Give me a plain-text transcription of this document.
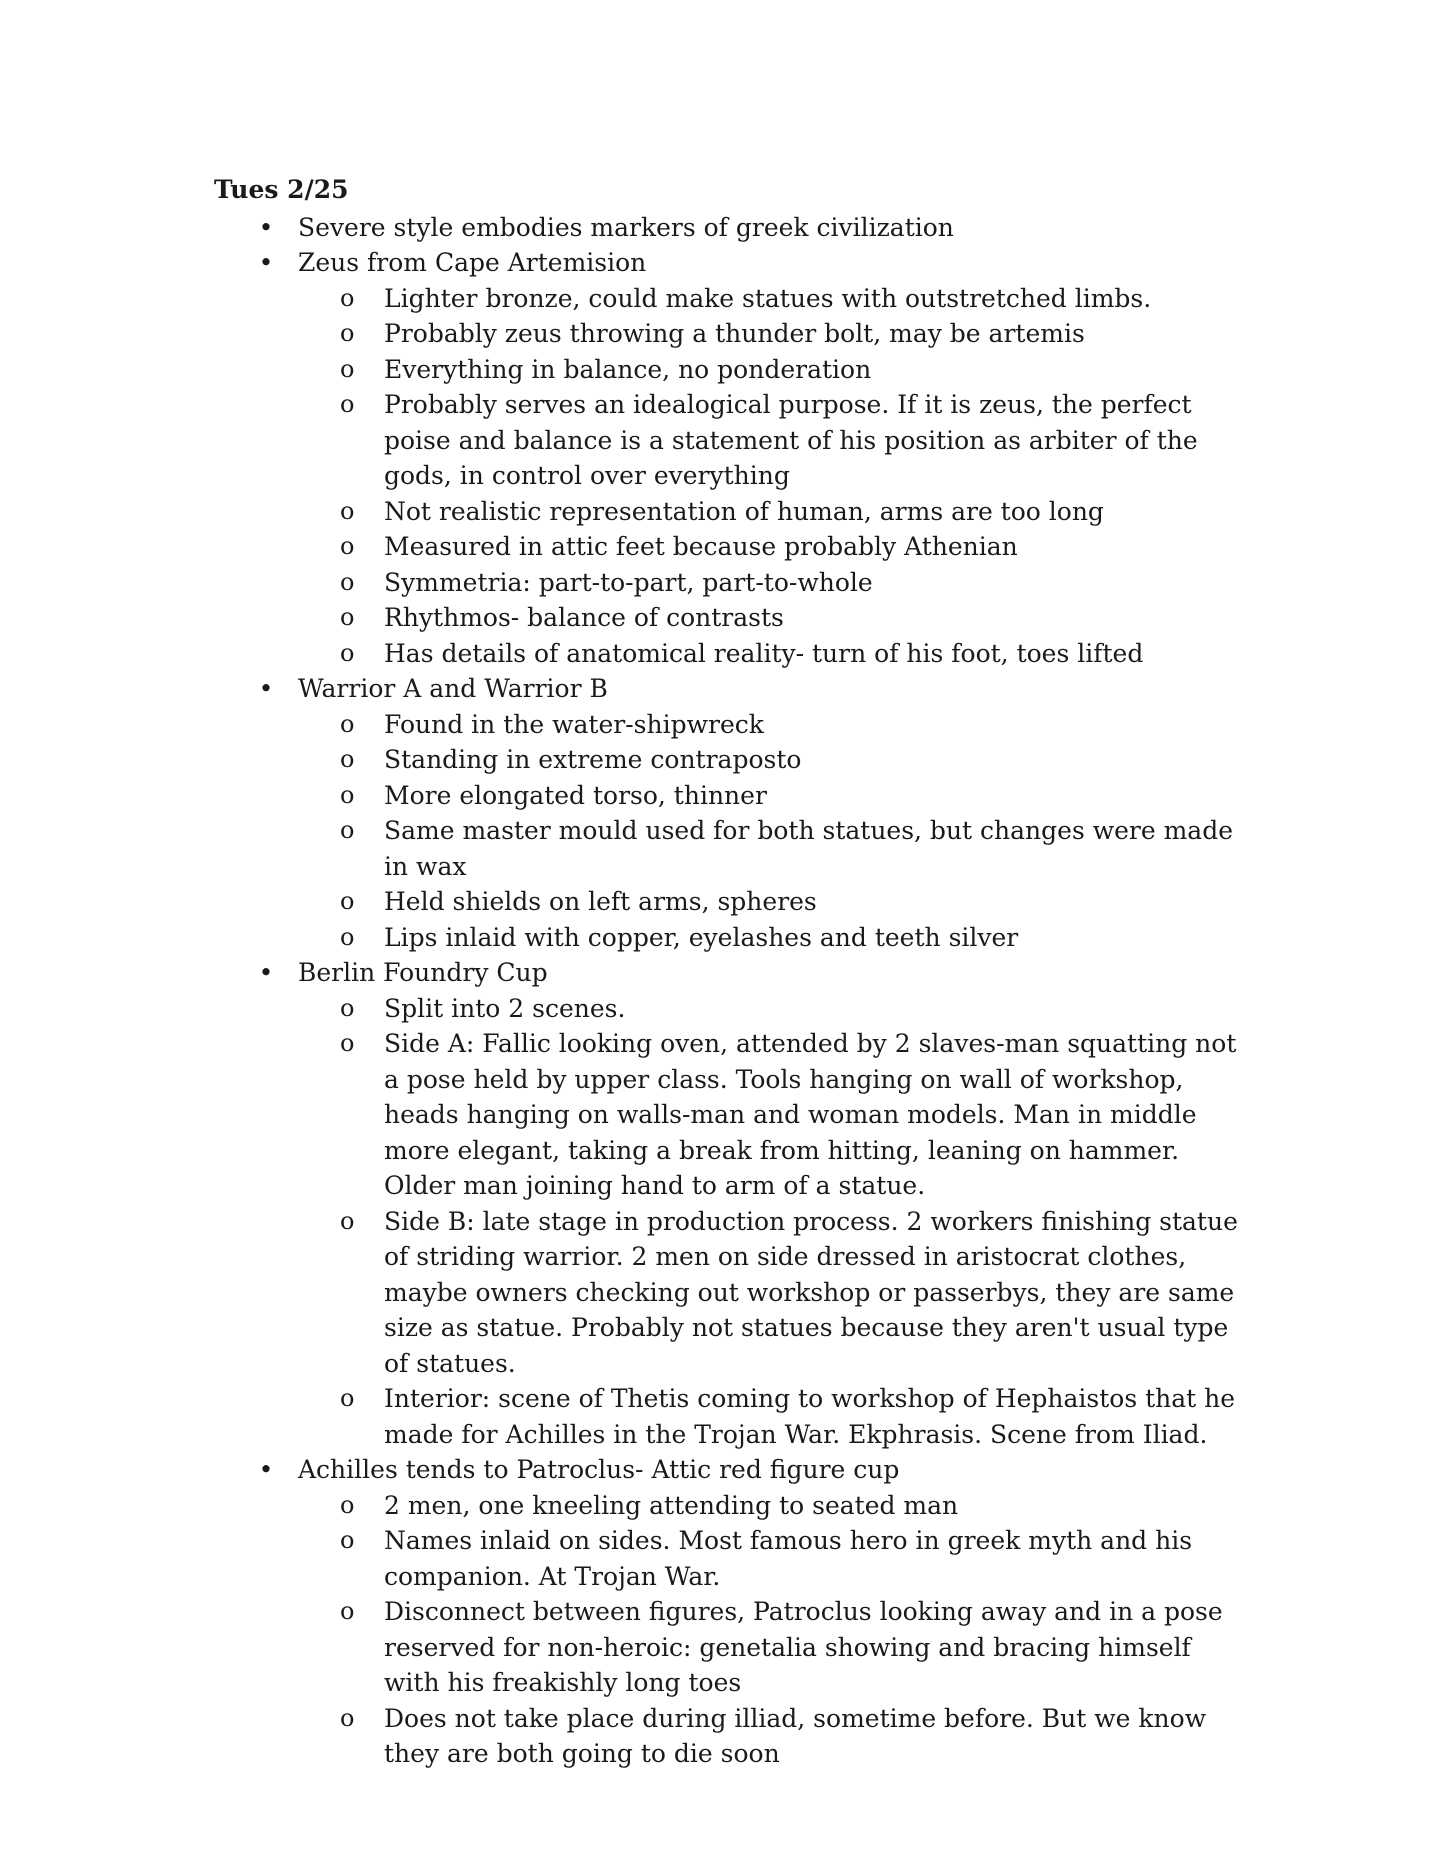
Tues 2/25
• Severe style embodies markers of greek civilization
• Zeus from Cape Artemision
o Lighter bronze, could make statues with outstretched limbs.
o Probably zeus throwing a thunder bolt, may be artemis
o Everything in balance, no ponderation
o Probably serves an idealogical purpose. If it is zeus, the perfect poise and balance is a statement of his position as arbiter of the gods, in control over everything
o Not realistic representation of human, arms are too long
o Measured in attic feet because probably Athenian
o Symmetria: part-to-part, part-to-whole
o Rhythmos- balance of contrasts
o Has details of anatomical reality- turn of his foot, toes lifted
• Warrior A and Warrior B
o Found in the water-shipwreck
o Standing in extreme contraposto
o More elongated torso, thinner
o Same master mould used for both statues, but changes were made in wax
o Held shields on left arms, spheres
o Lips inlaid with copper, eyelashes and teeth silver
• Berlin Foundry Cup
o Split into 2 scenes.
o Side A: Fallic looking oven, attended by 2 slaves-man squatting not a pose held by upper class. Tools hanging on wall of workshop, heads hanging on walls-man and woman models. Man in middle more elegant, taking a break from hitting, leaning on hammer. Older man joining hand to arm of a statue.
o Side B: late stage in production process. 2 workers finishing statue of striding warrior. 2 men on side dressed in aristocrat clothes, maybe owners checking out workshop or passerbys, they are same size as statue. Probably not statues because they aren't usual type of statues.
o Interior: scene of Thetis coming to workshop of Hephaistos that he made for Achilles in the Trojan War. Ekphrasis. Scene from Iliad.
• Achilles tends to Patroclus- Attic red figure cup
o 2 men, one kneeling attending to seated man
o Names inlaid on sides. Most famous hero in greek myth and his companion. At Trojan War.
o Disconnect between figures, Patroclus looking away and in a pose reserved for non-heroic: genetalia showing and bracing himself with his freakishly long toes
o Does not take place during illiad, sometime before. But we know they are both going to die soon
